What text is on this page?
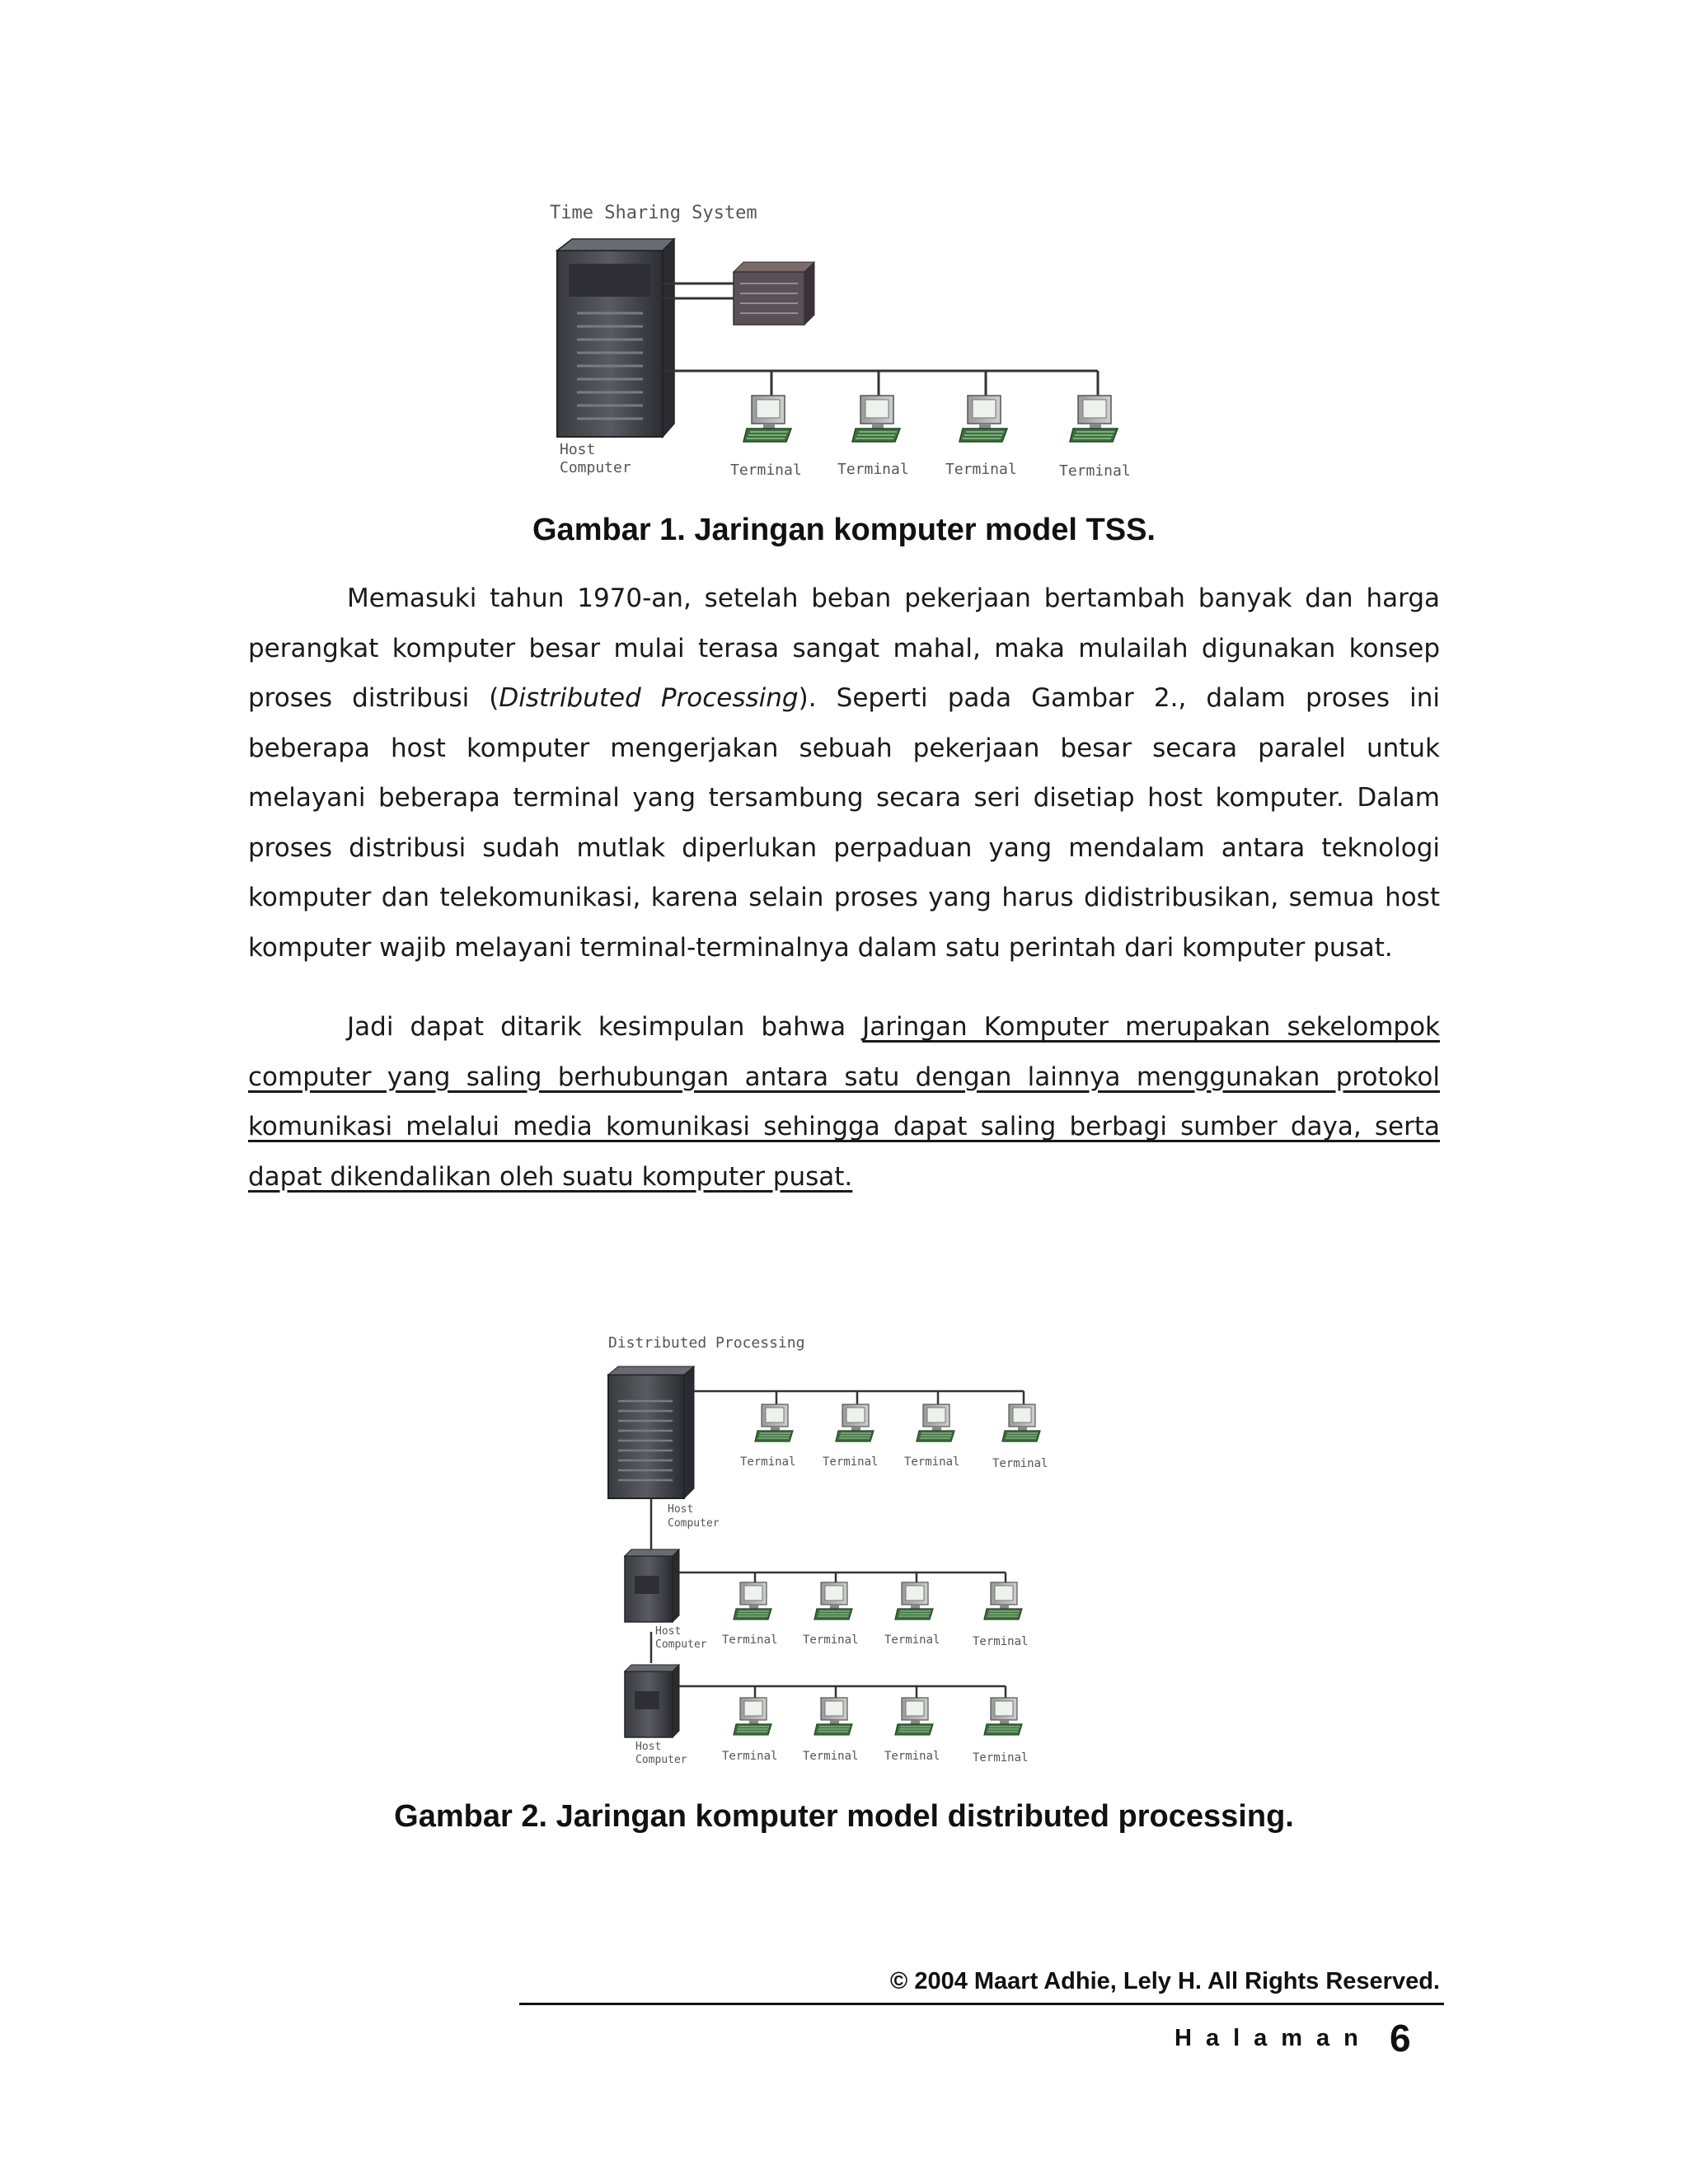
Time Sharing System
Host
Computer	Terminal Terminal Terminal	Terminal
Gambar 1. Jaringan komputer model TSS.

Memasuki tahun 1970-an, setelah beban pekerjaan bertambah banyak dan harga perangkat komputer besar mulai terasa sangat mahal, maka mulailah digunakan konsep proses distribusi (Distributed Processing). Seperti pada Gambar 2., dalam proses ini beberapa host komputer mengerjakan sebuah pekerjaan besar secara paralel untuk melayani beberapa terminal yang tersambung secara seri disetiap host komputer. Dalam proses distribusi sudah mutlak diperlukan perpaduan yang mendalam antara teknologi komputer dan telekomunikasi, karena selain proses yang harus didistribusikan, semua host komputer wajib melayani terminal-terminalnya dalam satu perintah dari komputer pusat.

Jadi dapat ditarik kesimpulan bahwa Jaringan Komputer merupakan sekelompok computer yang saling berhubungan antara satu dengan lainnya menggunakan protokol komunikasi melalui media komunikasi sehingga dapat saling berbagi sumber daya, serta dapat dikendalikan oleh suatu komputer pusat.

Distributed Processing
Terminal Terminal Terminal	Terminal
Host
Computer
Host
Computer Terminal Terminal Terminal	Terminal
Host
Computer	Terminal Terminal Terminal	Terminal
Gambar 2. Jaringan komputer model distributed processing.
© 2004 Maart Adhie, Lely H. All Rights Reserved.
Halaman 6
